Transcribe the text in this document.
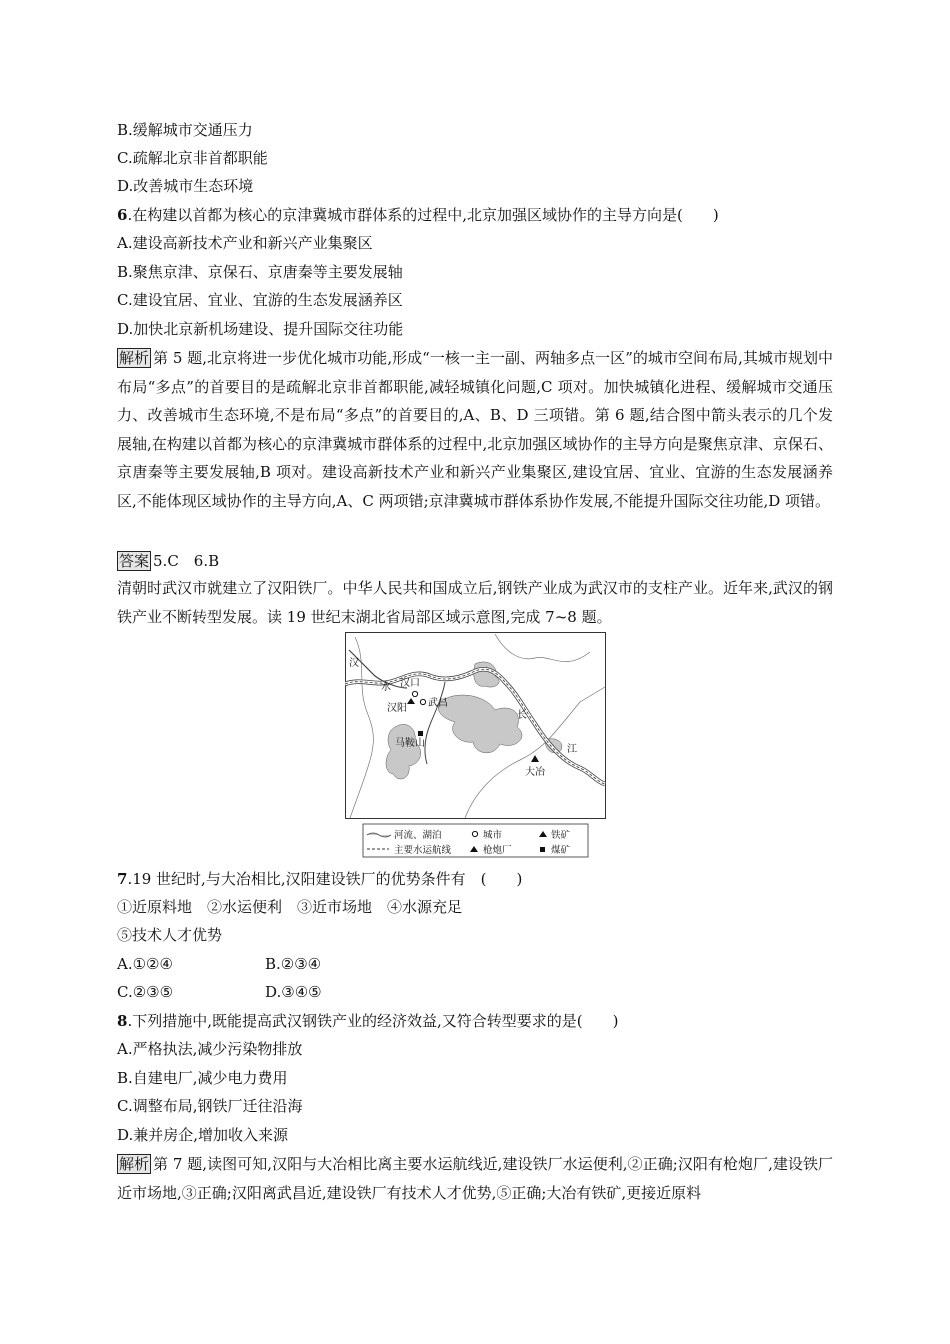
B.缓解城市交通压力
C.疏解北京非首都职能
D.改善城市生态环境
6.在构建以首都为核心的京津冀城市群体系的过程中,北京加强区域协作的主导方向是(　　)
A.建设高新技术产业和新兴产业集聚区
B.聚焦京津、京保石、京唐秦等主要发展轴
C.建设宜居、宜业、宜游的生态发展涵养区
D.加快北京新机场建设、提升国际交往功能
解析 第 5 题,北京将进一步优化城市功能,形成“一核一主一副、两轴多点一区”的城市空间布局,其城市规划中布局“多点”的首要目的是疏解北京非首都职能,减轻城镇化问题,C 项对。加快城镇化进程、缓解城市交通压力、改善城市生态环境,不是布局“多点”的首要目的,A、B、D 三项错。第 6 题,结合图中箭头表示的几个发展轴,在构建以首都为核心的京津冀城市群体系的过程中,北京加强区域协作的主导方向是聚焦京津、京保石、京唐秦等主要发展轴,B 项对。建设高新技术产业和新兴产业集聚区,建设宜居、宜业、宜游的生态发展涵养区,不能体现区域协作的主导方向,A、C 两项错;京津冀城市群体系协作发展,不能提升国际交往功能,D 项错。
答案 5.C　6.B
清朝时武汉市就建立了汉阳铁厂。中华人民共和国成立后,钢铁产业成为武汉市的支柱产业。近年来,武汉的钢铁产业不断转型发展。读 19 世纪末湖北省局部区域示意图,完成 7~8 题。
汉
水 汉口
汉阳 武昌
长
江
马鞍山
大冶
河流、湖泊	城市	铁矿
主要水运航线	枪炮厂	煤矿
7.19 世纪时,与大冶相比,汉阳建设铁厂的优势条件有　(　　)
①近原料地　②水运便利　③近市场地　④水源充足
⑤技术人才优势
A.①②④	B.②③④
C.②③⑤	D.③④⑤
8.下列措施中,既能提高武汉钢铁产业的经济效益,又符合转型要求的是(　　)
A.严格执法,减少污染物排放
B.自建电厂,减少电力费用
C.调整布局,钢铁厂迁往沿海
D.兼并房企,增加收入来源
解析 第 7 题,读图可知,汉阳与大冶相比离主要水运航线近,建设铁厂水运便利,②正确;汉阳有枪炮厂,建设铁厂近市场地,③正确;汉阳离武昌近,建设铁厂有技术人才优势,⑤正确;大冶有铁矿,更接近原料
